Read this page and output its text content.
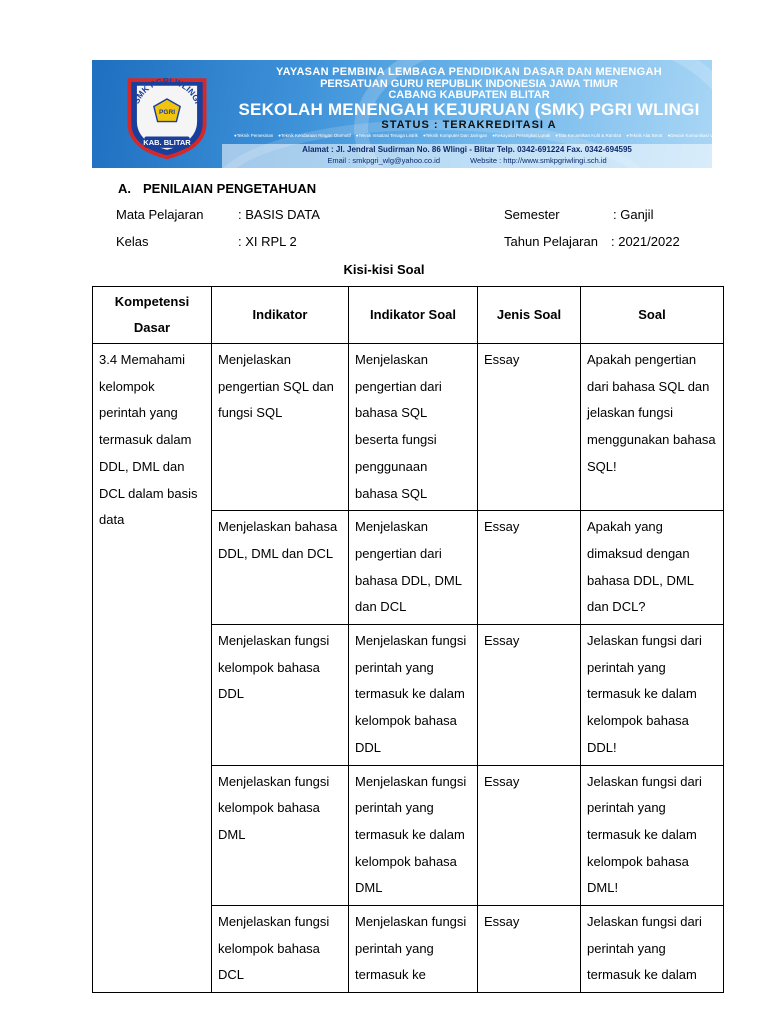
SMK PGRI WLINGI
PGRI
KAB. BLITAR
YAYASAN PEMBINA LEMBAGA PENDIDIKAN DASAR DAN MENENGAH
PERSATUAN GURU REPUBLIK INDONESIA JAWA TIMUR
CABANG KABUPATEN BLITAR
SEKOLAH MENENGAH KEJURUAN (SMK) PGRI WLINGI
STATUS : TERAKREDITASI A
● Teknik Pemesinan	● Teknik Kendaraan Ringan Otomotif	● Teknik Instalasi Tenaga Listrik	● Teknik Komputer Dan Jaringan	● Rekayasa Perangkat Lunak	● Tata Kecantikan Kulit & Rambut	● Teknik Alat Berat	● Desain Komunikasi Visual
Alamat : Jl. Jendral Sudirman No. 86 Wlingi - Blitar Telp. 0342-691224 Fax. 0342-694595
Email : smkpgri_wlg@yahoo.co.id	Website : http://www.smkpgriwlingi.sch.id
A. PENILAIAN PENGETAHUAN
Mata Pelajaran	: BASIS DATA	Semester	: Ganjil
Kelas	: XI RPL 2	Tahun Pelajaran : 2021/2022
Kisi-kisi Soal
Kompetensi Dasar	Indikator	Indikator Soal	Jenis Soal	Soal
3.4 Memahami kelompok perintah yang termasuk dalam DDL, DML dan DCL dalam basis data	Menjelaskan pengertian SQL dan fungsi SQL	Menjelaskan pengertian dari bahasa SQL beserta fungsi penggunaan bahasa SQL	Essay	Apakah pengertian dari bahasa SQL dan jelaskan fungsi menggunakan bahasa SQL!
	Menjelaskan bahasa DDL, DML dan DCL	Menjelaskan pengertian dari bahasa DDL, DML dan DCL	Essay	Apakah yang dimaksud dengan bahasa DDL, DML dan DCL?
	Menjelaskan fungsi kelompok bahasa DDL	Menjelaskan fungsi perintah yang termasuk ke dalam kelompok bahasa DDL	Essay	Jelaskan fungsi dari perintah yang termasuk ke dalam kelompok bahasa DDL!
	Menjelaskan fungsi kelompok bahasa DML	Menjelaskan fungsi perintah yang termasuk ke dalam kelompok bahasa DML	Essay	Jelaskan fungsi dari perintah yang termasuk ke dalam kelompok bahasa DML!
	Menjelaskan fungsi kelompok bahasa DCL	Menjelaskan fungsi perintah yang termasuk ke	Essay	Jelaskan fungsi dari perintah yang termasuk ke dalam
